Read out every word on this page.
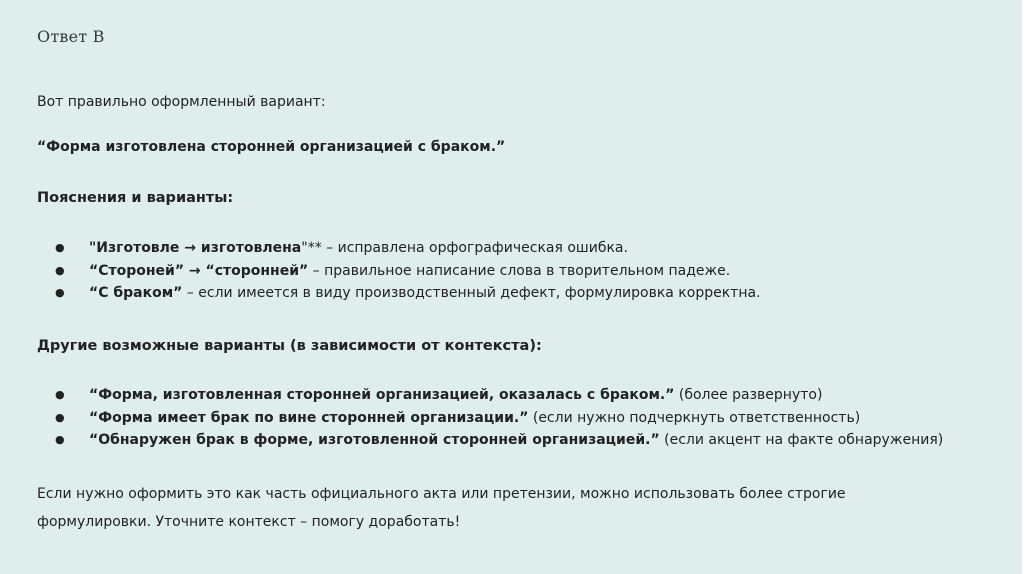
Ответ В
Вот правильно оформленный вариант:
“Форма изготовлена сторонней организацией с браком.”
Пояснения и варианты:
● "Изготовле → изготовлена"** – исправлена орфографическая ошибка.
● “Стороней” → “сторонней” – правильное написание слова в творительном падеже.
● “С браком” – если имеется в виду производственный дефект, формулировка корректна.
Другие возможные варианты (в зависимости от контекста):
● “Форма, изготовленная сторонней организацией, оказалась с браком.” (более развернуто)
● “Форма имеет брак по вине сторонней организации.” (если нужно подчеркнуть ответственность)
● “Обнаружен брак в форме, изготовленной сторонней организацией.” (если акцент на факте обнаружения)
Если нужно оформить это как часть официального акта или претензии, можно использовать более строгие
формулировки. Уточните контекст – помогу доработать!
